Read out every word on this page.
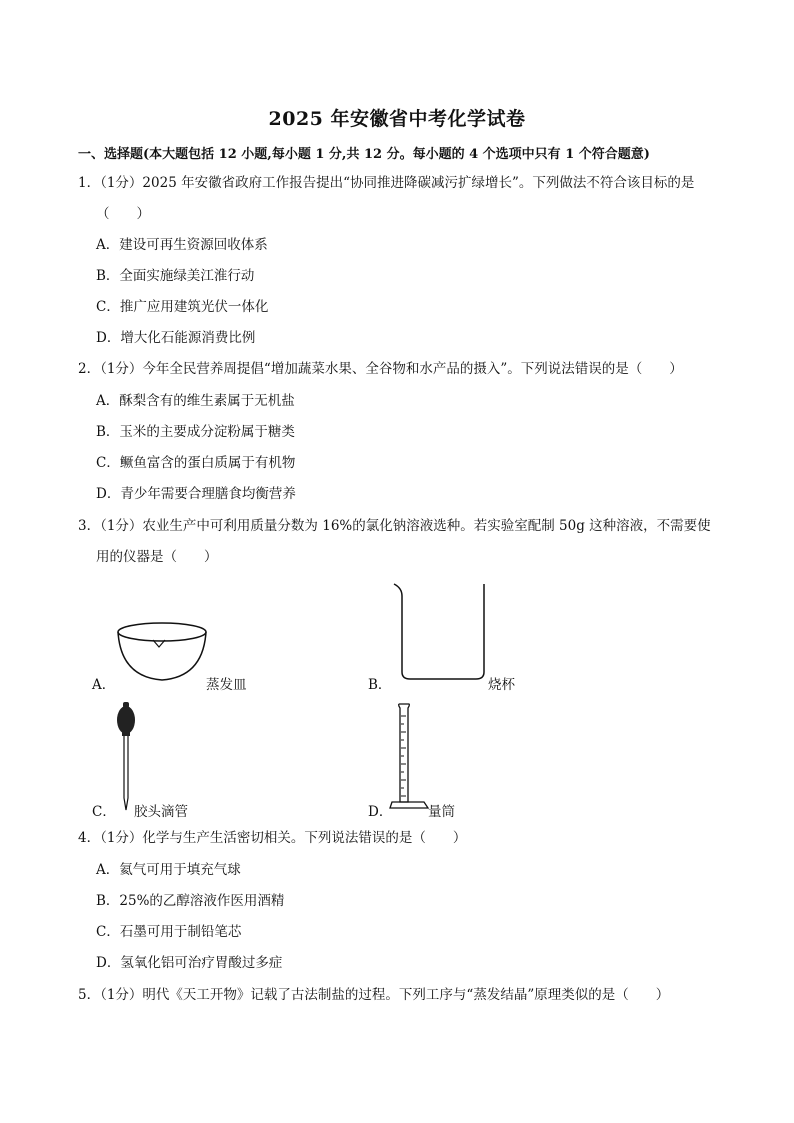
2025 年安徽省中考化学试卷
一、选择题(本大题包括 12 小题,每小题 1 分,共 12 分。每小题的 4 个选项中只有 1 个符合题意)
1．（1分）2025 年安徽省政府工作报告提出“协同推进降碳减污扩绿增长”。下列做法不符合该目标的是
（　　）
A．建设可再生资源回收体系
B．全面实施绿美江淮行动
C．推广应用建筑光伏一体化
D．增大化石能源消费比例
2．（1分）今年全民营养周提倡“增加蔬菜水果、全谷物和水产品的摄入”。下列说法错误的是（　　）
A．酥梨含有的维生素属于无机盐
B．玉米的主要成分淀粉属于糖类
C．鳜鱼富含的蛋白质属于有机物
D．青少年需要合理膳食均衡营养
3．（1分）农业生产中可利用质量分数为 16%的氯化钠溶液选种。若实验室配制 50g 这种溶液，不需要使
用的仪器是（　　）
A．	蒸发皿	B．	烧杯
C． 胶头滴管	D．	量筒
4．（1分）化学与生产生活密切相关。下列说法错误的是（　　）
A．氦气可用于填充气球
B．25%的乙醇溶液作医用酒精
C．石墨可用于制铅笔芯
D．氢氧化铝可治疗胃酸过多症
5．（1分）明代《天工开物》记载了古法制盐的过程。下列工序与“蒸发结晶”原理类似的是（　　）
